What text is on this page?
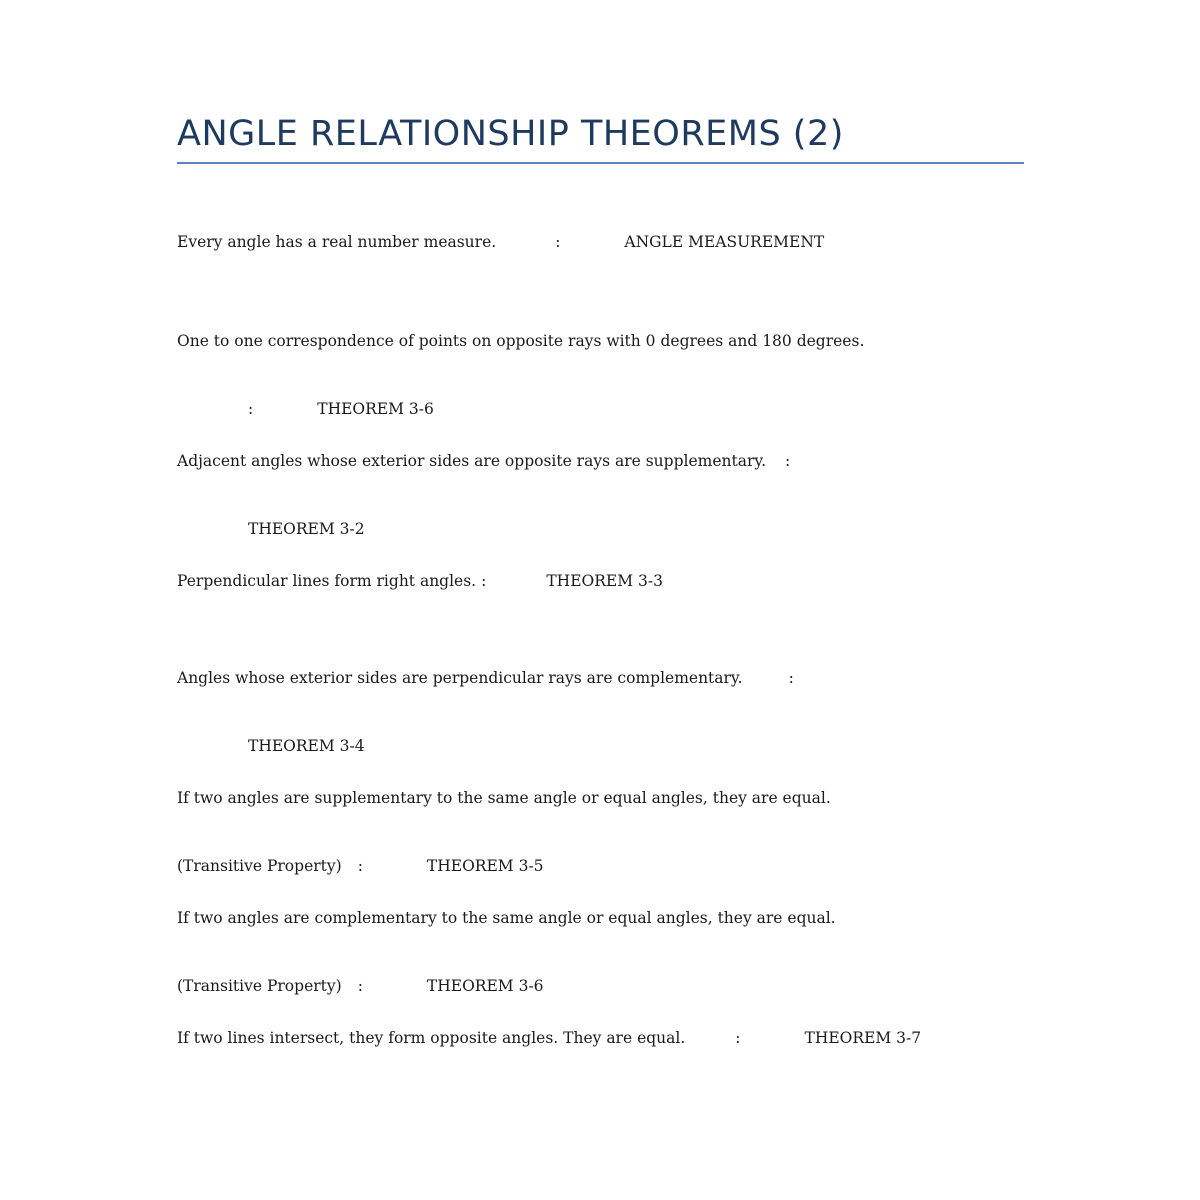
ANGLE RELATIONSHIP THEOREMS (2)

Every angle has a real number measure.	:	ANGLE MEASUREMENT

One to one correspondence of points on opposite rays with 0 degrees and 180 degrees.

:	THEOREM 3-6

Adjacent angles whose exterior sides are opposite rays are supplementary. :

THEOREM 3-2

Perpendicular lines form right angles. :	THEOREM 3-3

Angles whose exterior sides are perpendicular rays are complementary.	:

THEOREM 3-4

If two angles are supplementary to the same angle or equal angles, they are equal.

(Transitive Property) :	THEOREM 3-5

If two angles are complementary to the same angle or equal angles, they are equal.

(Transitive Property) :	THEOREM 3-6

If two lines intersect, they form opposite angles. They are equal.	:	THEOREM 3-7
